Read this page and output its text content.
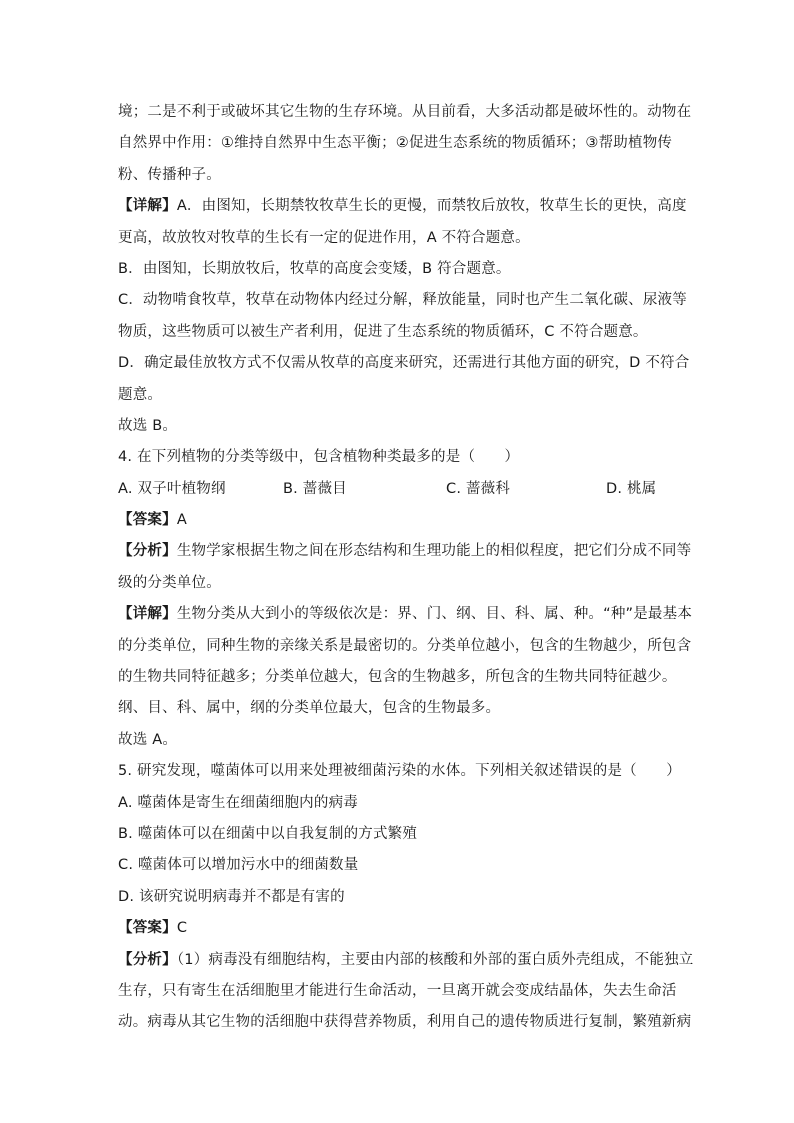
境；二是不利于或破坏其它生物的生存环境。从目前看，大多活动都是破坏性的。动物在
自然界中作用：①维持自然界中生态平衡；②促进生态系统的物质循环；③帮助植物传
粉、传播种子。
【详解】A．由图知，长期禁牧牧草生长的更慢，而禁牧后放牧，牧草生长的更快，高度
更高，故放牧对牧草的生长有一定的促进作用，A 不符合题意。
B．由图知，长期放牧后，牧草的高度会变矮，B 符合题意。
C．动物啃食牧草，牧草在动物体内经过分解，释放能量，同时也产生二氧化碳、尿液等
物质，这些物质可以被生产者利用，促进了生态系统的物质循环，C 不符合题意。
D．确定最佳放牧方式不仅需从牧草的高度来研究，还需进行其他方面的研究，D 不符合
题意。
故选 B。
4. 在下列植物的分类等级中，包含植物种类最多的是（　　）
A. 双子叶植物纲	B. 蔷薇目	C. 蔷薇科	D. 桃属
【答案】A
【分析】生物学家根据生物之间在形态结构和生理功能上的相似程度，把它们分成不同等
级的分类单位。
【详解】生物分类从大到小的等级依次是：界、门、纲、目、科、属、种。“种”是最基本
的分类单位，同种生物的亲缘关系是最密切的。分类单位越小，包含的生物越少，所包含
的生物共同特征越多；分类单位越大，包含的生物越多，所包含的生物共同特征越少。
纲、目、科、属中，纲的分类单位最大，包含的生物最多。
故选 A。
5. 研究发现，噬菌体可以用来处理被细菌污染的水体。下列相关叙述错误的是（　　）
A. 噬菌体是寄生在细菌细胞内的病毒
B. 噬菌体可以在细菌中以自我复制的方式繁殖
C. 噬菌体可以增加污水中的细菌数量
D. 该研究说明病毒并不都是有害的
【答案】C
【分析】（1）病毒没有细胞结构，主要由内部的核酸和外部的蛋白质外壳组成，不能独立
生存，只有寄生在活细胞里才能进行生命活动，一旦离开就会变成结晶体，失去生命活
动。病毒从其它生物的活细胞中获得营养物质，利用自己的遗传物质进行复制，繁殖新病
